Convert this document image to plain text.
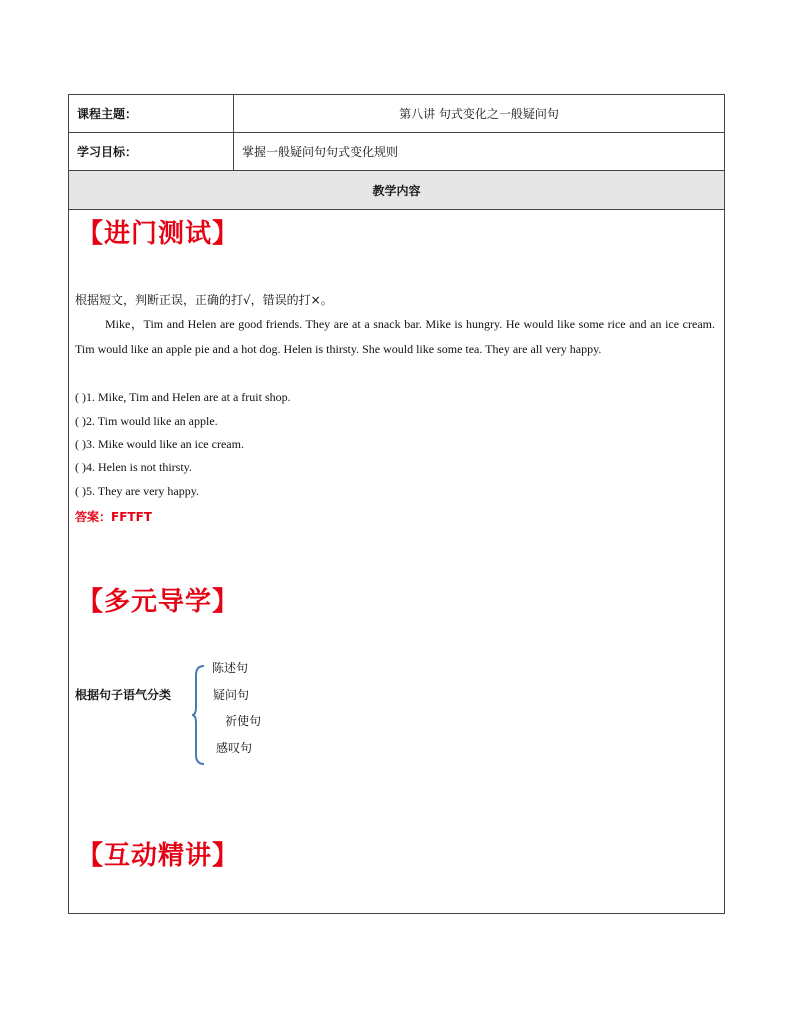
课程主题：	第八讲 句式变化之一般疑问句
学习目标：	掌握一般疑问句句式变化规则
教学内容
【进门测试】
根据短文，判断正误，正确的打√，错误的打×。
Mike，Tim and Helen are good friends. They are at a snack bar. Mike is hungry. He would like some rice and an ice cream. Tim would like an apple pie and a hot dog. Helen is thirsty. She would like some tea. They are all very happy.
( )1. Mike, Tim and Helen are at a fruit shop.
( )2. Tim would like an apple.
( )3. Mike would like an ice cream.
( )4. Helen is not thirsty.
( )5. They are very happy.
答案：FFTFT
【多元导学】
根据句子语气分类
陈述句
疑问句
祈使句
感叹句
【互动精讲】
